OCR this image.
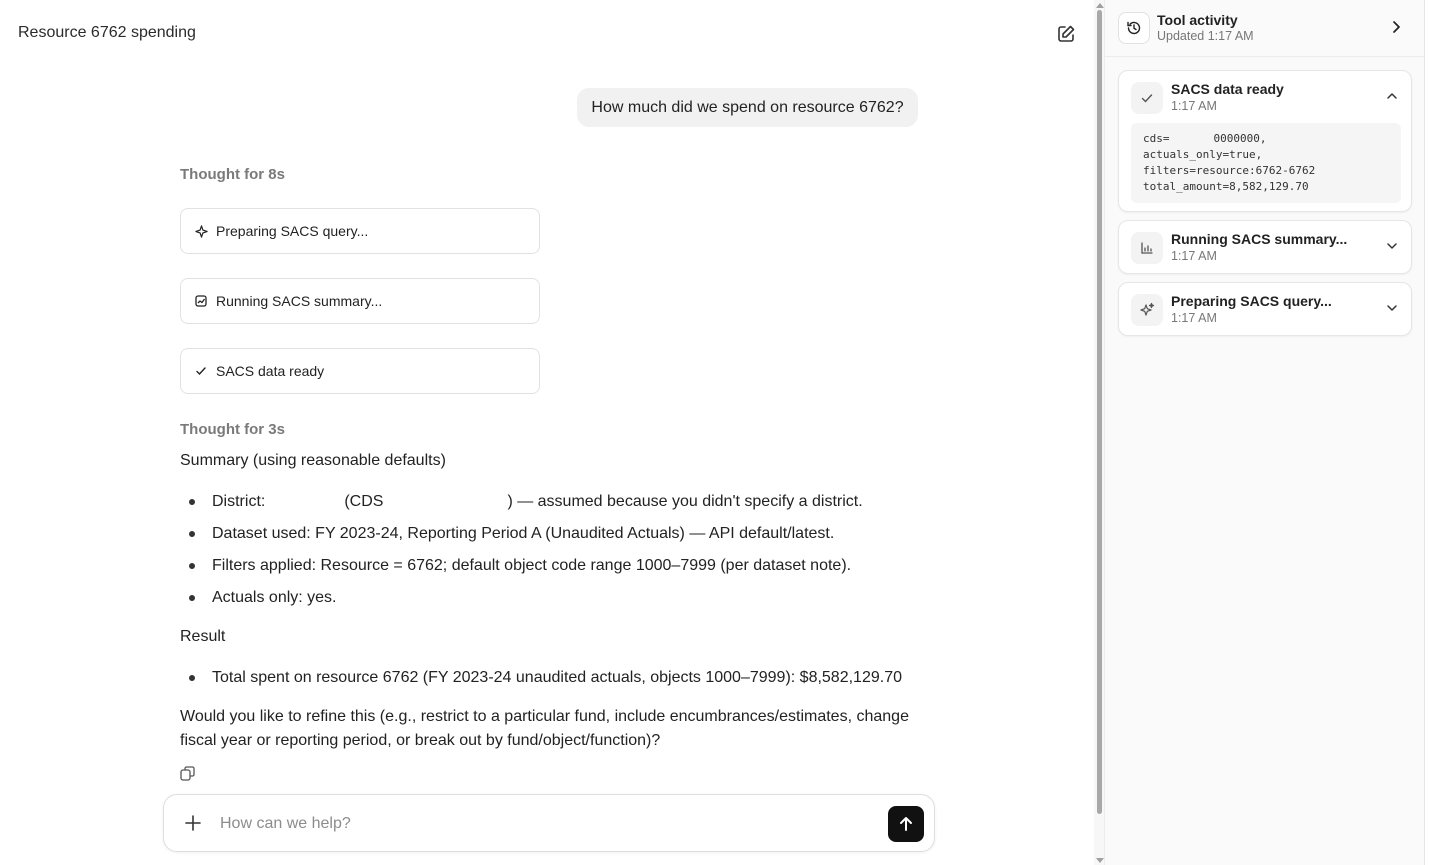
Resource 6762 spending
How much did we spend on resource 6762?
Thought for 8s
Preparing SACS query...
Running SACS summary...
SACS data ready
Thought for 3s
Summary (using reasonable defaults)
District:	(CDS	) — assumed because you didn't specify a district.
Dataset used: FY 2023-24, Reporting Period A (Unaudited Actuals) — API default/latest.
Filters applied: Resource = 6762; default object code range 1000–7999 (per dataset note).
Actuals only: yes.
Result
Total spent on resource 6762 (FY 2023-24 unaudited actuals, objects 1000–7999): $8,582,129.70
Would you like to refine this (e.g., restrict to a particular fund, include encumbrances/estimates, change fiscal year or reporting period, or break out by fund/object/function)?
How can we help?
Tool activity
Updated 1:17 AM
SACS data ready
1:17 AM
cds=	0000000,
actuals_only=true,
filters=resource:6762-6762
total_amount=8,582,129.70
Running SACS summary...
1:17 AM
Preparing SACS query...
1:17 AM
